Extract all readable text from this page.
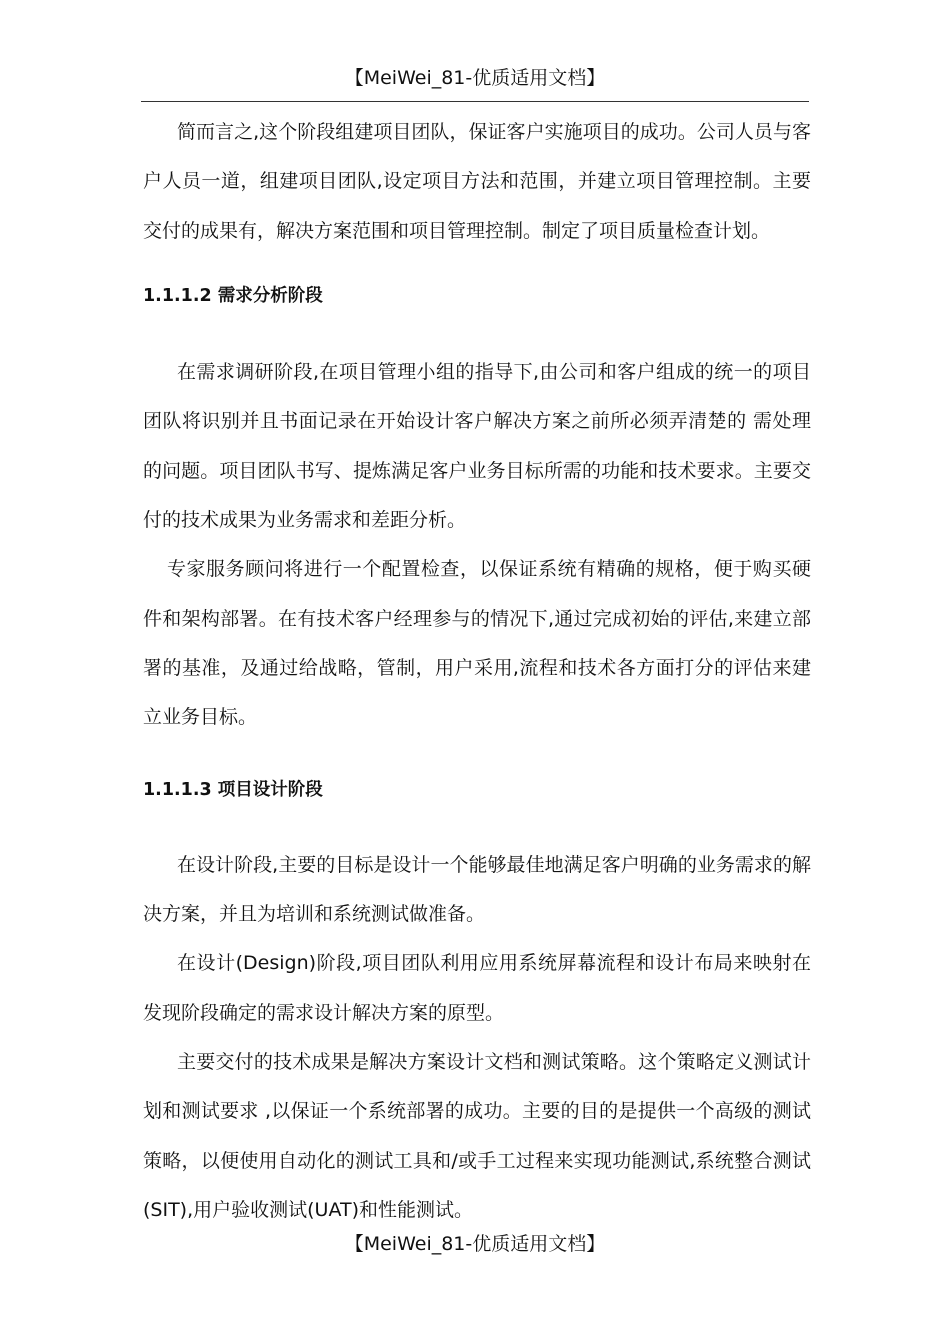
【MeiWei_81-优质适用文档】

简而言之,这个阶段组建项目团队，保证客户实施项目的成功。公司人员与客户人员一道，组建项目团队,设定项目方法和范围，并建立项目管理控制。主要交付的成果有，解决方案范围和项目管理控制。制定了项目质量检查计划。

1.1.1.2 需求分析阶段

在需求调研阶段,在项目管理小组的指导下,由公司和客户组成的统一的项目团队将识别并且书面记录在开始设计客户解决方案之前所必须弄清楚的 需处理的问题。项目团队书写、提炼满足客户业务目标所需的功能和技术要求。主要交付的技术成果为业务需求和差距分析。

专家服务顾问将进行一个配置检查，以保证系统有精确的规格，便于购买硬件和架构部署。在有技术客户经理参与的情况下,通过完成初始的评估,来建立部署的基准，及通过给战略，管制，用户采用,流程和技术各方面打分的评估来建立业务目标。

1.1.1.3 项目设计阶段

在设计阶段,主要的目标是设计一个能够最佳地满足客户明确的业务需求的解决方案，并且为培训和系统测试做准备。

在设计(Design)阶段,项目团队利用应用系统屏幕流程和设计布局来映射在发现阶段确定的需求设计解决方案的原型。

主要交付的技术成果是解决方案设计文档和测试策略。这个策略定义测试计划和测试要求 ,以保证一个系统部署的成功。主要的目的是提供一个高级的测试策略，以便使用自动化的测试工具和/或手工过程来实现功能测试,系统整合测试(SIT),用户验收测试(UAT)和性能测试。

【MeiWei_81-优质适用文档】
